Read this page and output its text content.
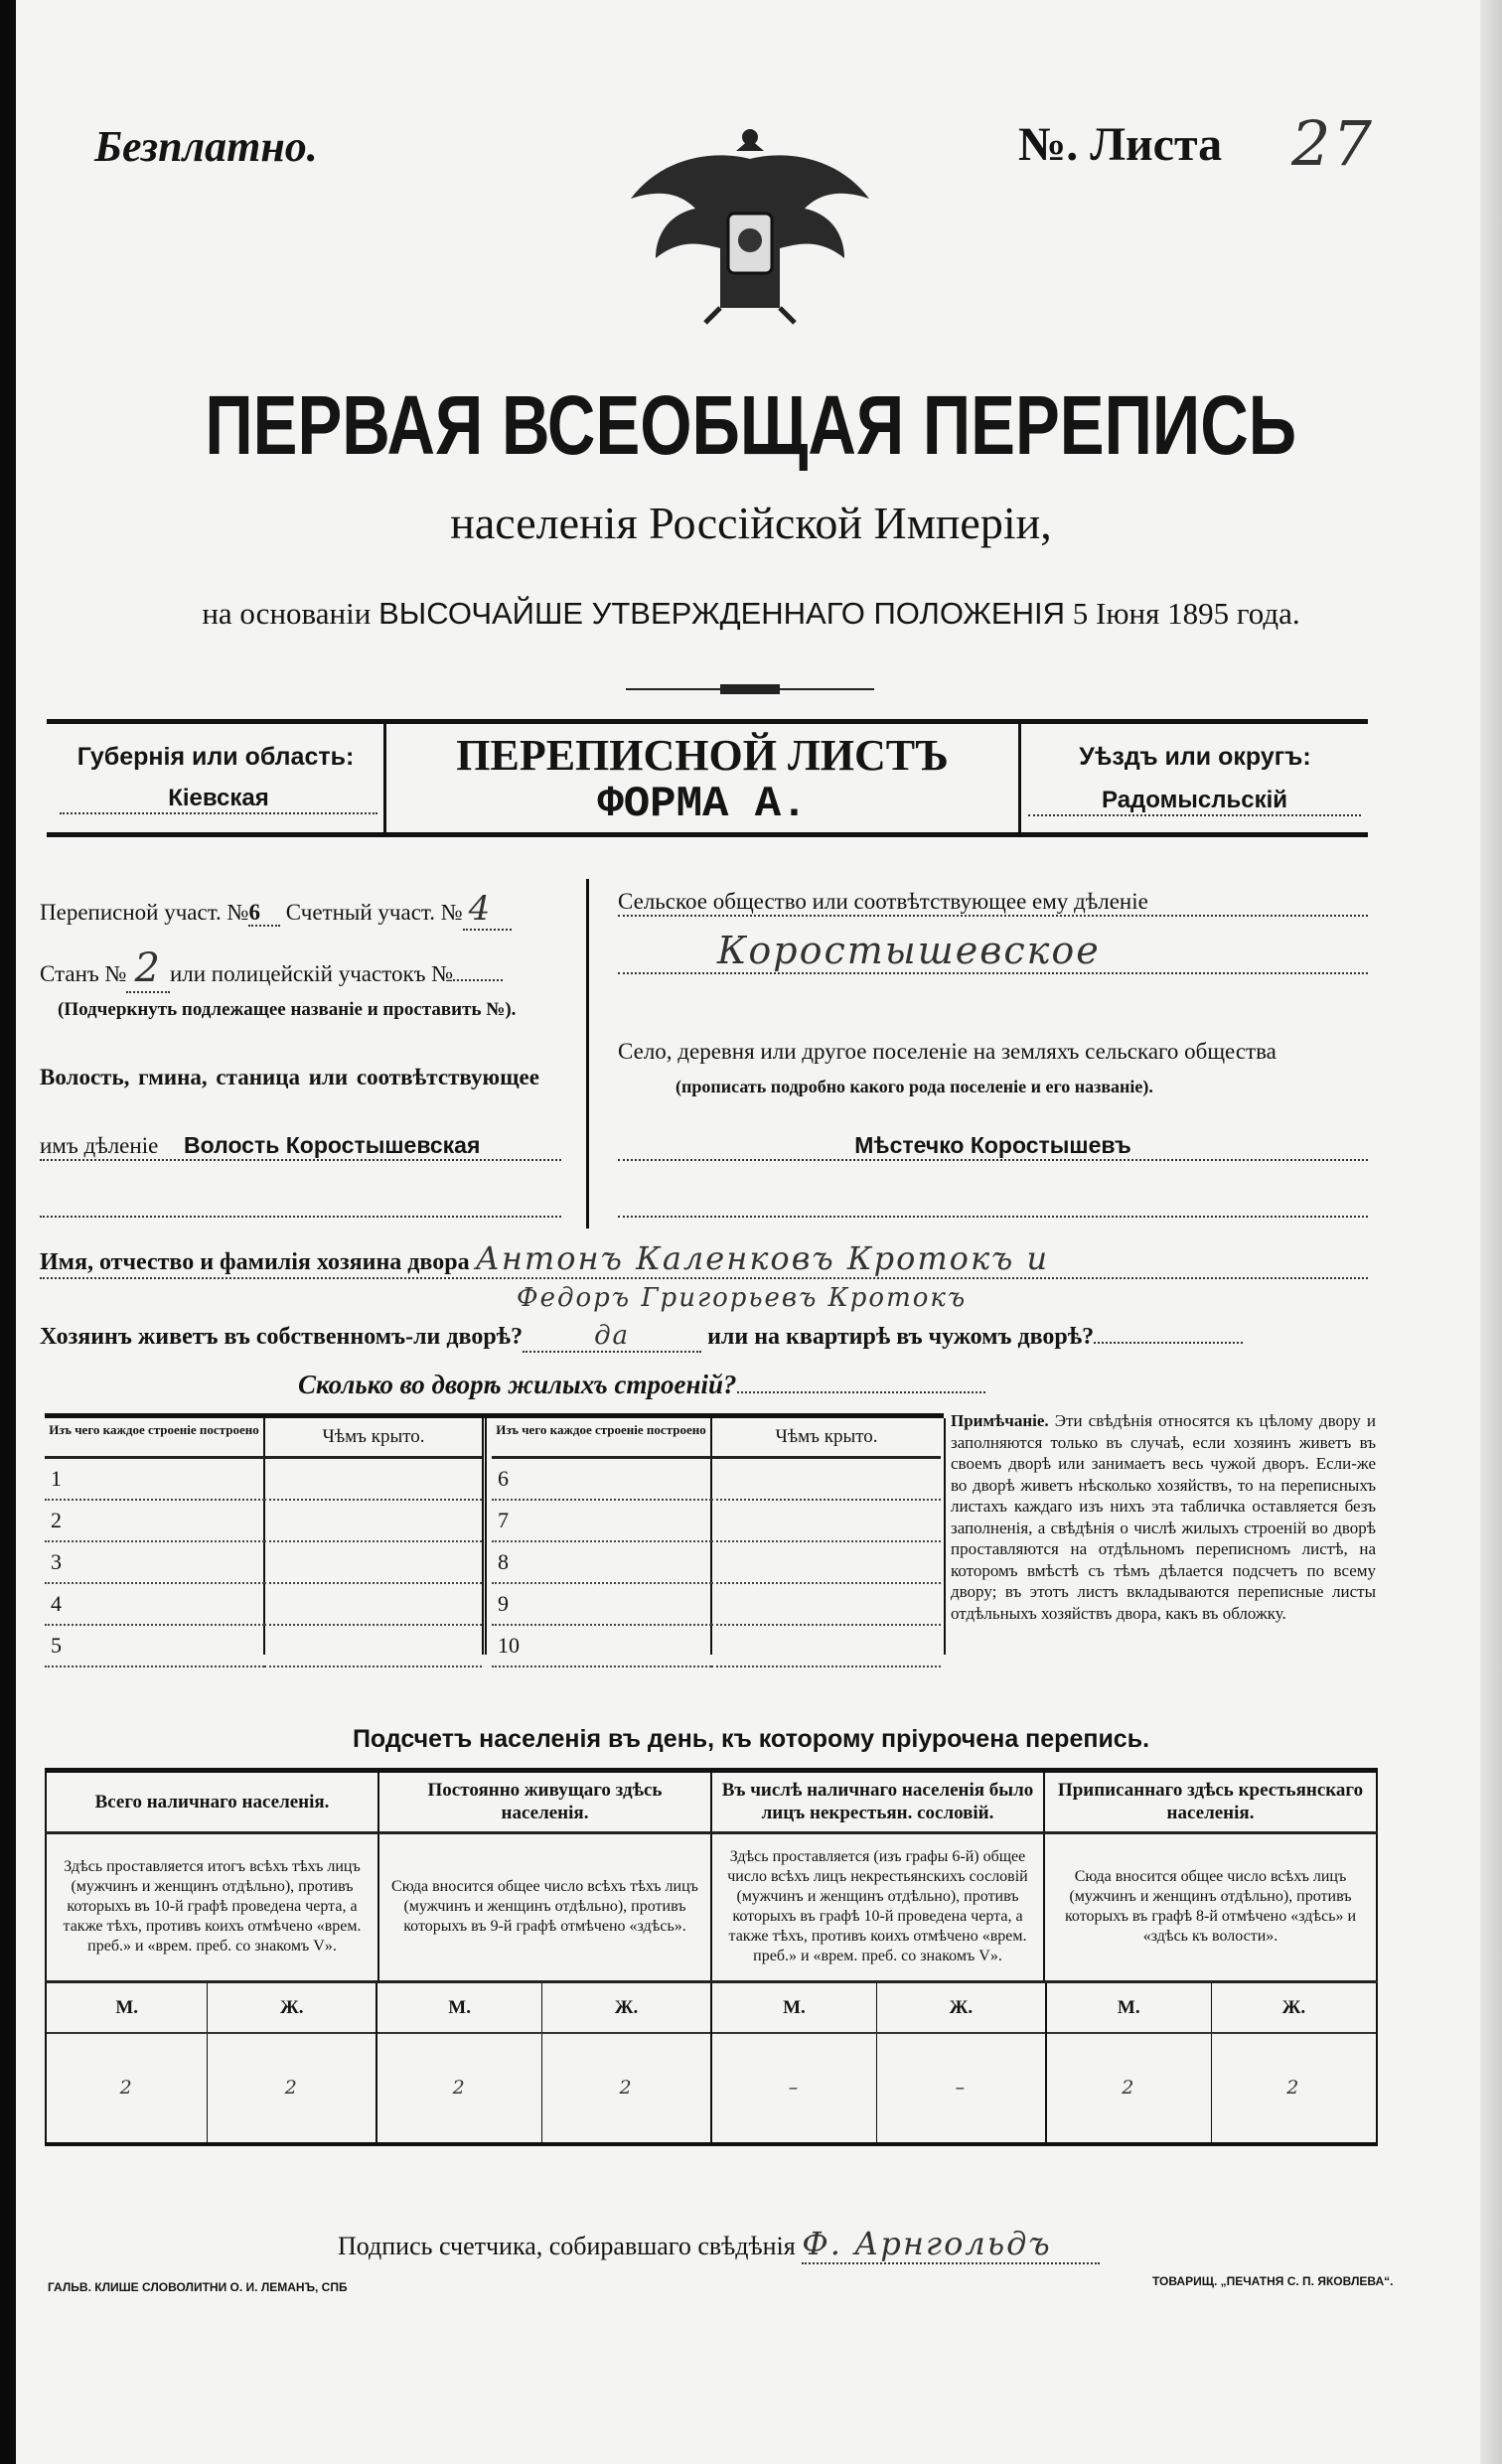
Безплатно.	№. Листа 27
ПЕРВАЯ ВСЕОБЩАЯ ПЕРЕПИСЬ
населенія Россійской Имперіи,
на основаніи ВЫСОЧАЙШЕ УТВЕРЖДЕННАГО ПОЛОЖЕНІЯ 5 Іюня 1895 года.
Губернія или область:
Кіевская
ПЕРЕПИСНОЙ ЛИСТЪ
ФОРМА А.
Уѣздъ или округъ:
Радомысльскій
Переписной участ. №6 Счетный участ. № 4
Станъ № 2 или полицейскій участокъ №
(Подчеркнуть подлежащее названіе и проставить №).
Волость, гмина, станица или соотвѣтствующее
имъ дѣленіе Волость Коростышевская
Сельское общество или соотвѣтствующее ему дѣленіе
Коростышевское
Село, деревня или другое поселеніе на земляхъ сельскаго общества
(прописать подробно какого рода поселеніе и его названіе).
Мѣстечко Коростышевъ
Имя, отчество и фамилія хозяина двора Антонъ Каленковъ Кротокъ и
Федоръ Григорьевъ Кротокъ
Хозяинъ живетъ въ собственномъ-ли дворѣ?	да	или на квартирѣ въ чужомъ дворѣ?
Сколько во дворѣ жилыхъ строеній?
Изъ чего каждое строеніе построено	Чѣмъ крыто.
1	
2	
3	
4	
5	
Изъ чего каждое строеніе построено	Чѣмъ крыто.
6	
7	
8	
9	
10	
Примѣчаніе. Эти свѣдѣнія относятся къ цѣлому двору и заполняются только въ случаѣ, если хозяинъ живетъ въ своемъ дворѣ или занимаетъ весь чужой дворъ. Если-же во дворѣ живетъ нѣсколько хозяйствъ, то на переписныхъ листахъ каждаго изъ нихъ эта табличка оставляется безъ заполненія, а свѣдѣнія о числѣ жилыхъ строеній во дворѣ проставляются на отдѣльномъ переписномъ листѣ, на которомъ вмѣстѣ съ тѣмъ дѣлается подсчетъ по всему двору; въ этотъ листъ вкладываются переписные листы отдѣльныхъ хозяйствъ двора, какъ въ обложку.
Подсчетъ населенія въ день, къ которому пріурочена перепись.
Всего наличнаго населенія.	Постоянно живущаго здѣсь населенія.	Въ числѣ наличнаго населенія было лицъ некрестьян. сословій.	Приписаннаго здѣсь крестьянскаго населенія.
Здѣсь проставляется итогъ всѣхъ тѣхъ лицъ (мужчинъ и женщинъ отдѣльно), противъ которыхъ въ 10-й графѣ проведена черта, а также тѣхъ, противъ коихъ отмѣчено «врем. преб.» и «врем. преб. со знакомъ V».	Сюда вносится общее число всѣхъ тѣхъ лицъ (мужчинъ и женщинъ отдѣльно), противъ которыхъ въ 9-й графѣ отмѣчено «здѣсь».	Здѣсь проставляется (изъ графы 6-й) общее число всѣхъ лицъ некрестьянскихъ сословій (мужчинъ и женщинъ отдѣльно), противъ которыхъ въ графѣ 10-й проведена черта, а также тѣхъ, противъ коихъ отмѣчено «врем. преб.» и «врем. преб. со знакомъ V».	Сюда вносится общее число всѣхъ лицъ (мужчинъ и женщинъ отдѣльно), противъ которыхъ въ графѣ 8-й отмѣчено «здѣсь» и «здѣсь къ волости».

М.	Ж.	М.	Ж.	М.	Ж.	М.	Ж.
2	2	2	2	–	–	2	2
Подпись счетчика, собиравшаго свѣдѣнія Ф. Арнгольдъ
ГАЛЬВ. КЛИШЕ СЛОВОЛИТНИ О. И. ЛЕМАНЪ, СПБ	ТОВАРИЩ. „ПЕЧАТНЯ С. П. ЯКОВЛЕВА“.
